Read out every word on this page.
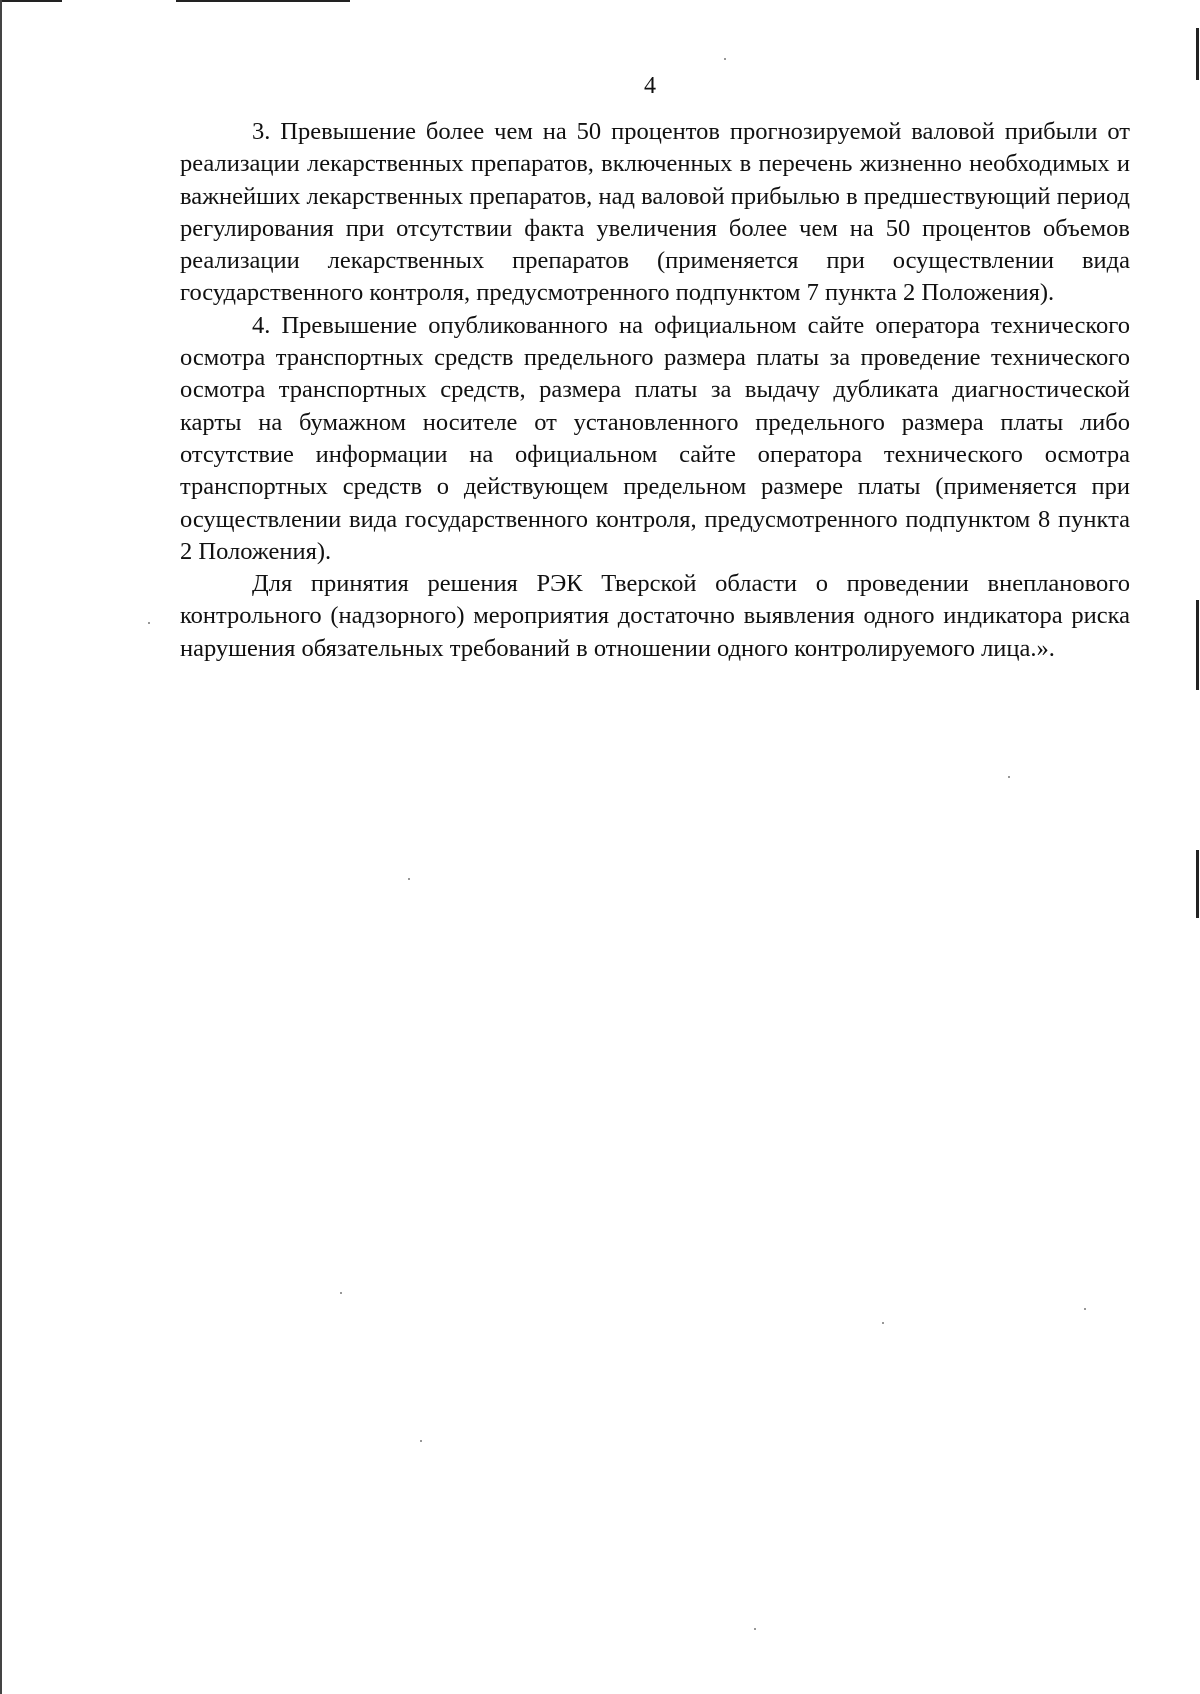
4

3. Превышение более чем на 50 процентов прогнозируемой валовой прибыли от реализации лекарственных препаратов, включенных в перечень жизненно необходимых и важнейших лекарственных препаратов, над валовой прибылью в предшествующий период регулирования при отсутствии факта увеличения более чем на 50 процентов объемов реализации лекарственных препаратов (применяется при осуществлении вида государственного контроля, предусмотренного подпунктом 7 пункта 2 Положения).

4. Превышение опубликованного на официальном сайте оператора технического осмотра транспортных средств предельного размера платы за проведение технического осмотра транспортных средств, размера платы за выдачу дубликата диагностической карты на бумажном носителе от установленного предельного размера платы либо отсутствие информации на официальном сайте оператора технического осмотра транспортных средств о действующем предельном размере платы (применяется при осуществлении вида государственного контроля, предусмотренного подпунктом 8 пункта 2 Положения).

Для принятия решения РЭК Тверской области о проведении внепланового контрольного (надзорного) мероприятия достаточно выявления одного индикатора риска нарушения обязательных требований в отношении одного контролируемого лица.».
